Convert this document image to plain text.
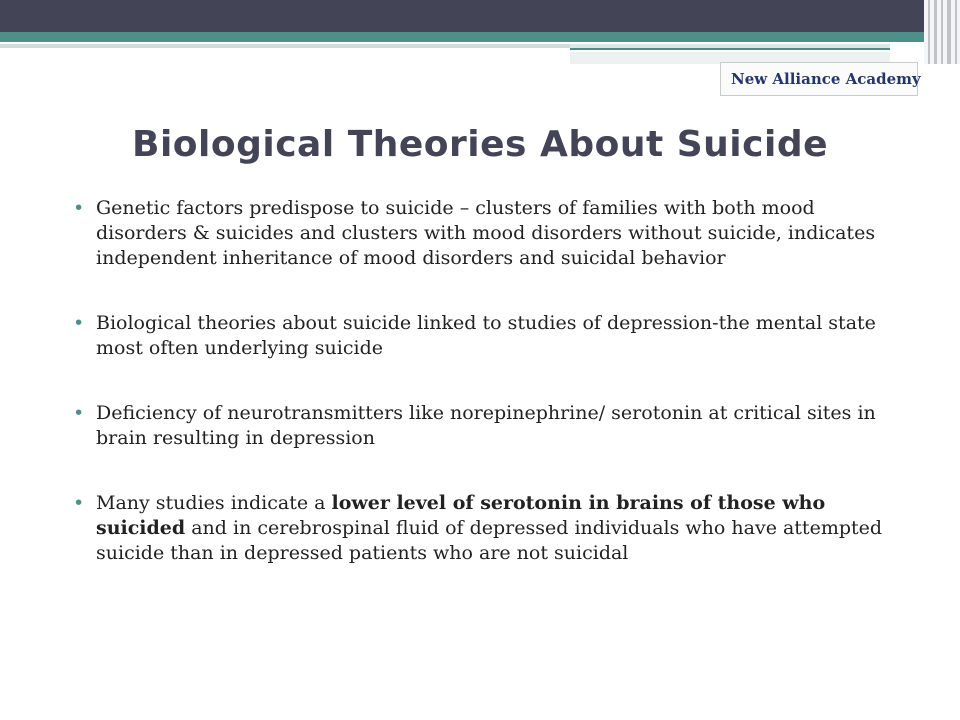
New Alliance Academy
Biological Theories About Suicide
• Genetic factors predispose to suicide – clusters of families with both mood disorders & suicides and clusters with mood disorders without suicide, indicates independent inheritance of mood disorders and suicidal behavior
• Biological theories about suicide linked to studies of depression-the mental state most often underlying suicide
• Deficiency of neurotransmitters like norepinephrine/ serotonin at critical sites in brain resulting in depression
• Many studies indicate a lower level of serotonin in brains of those who suicided and in cerebrospinal fluid of depressed individuals who have attempted suicide than in depressed patients who are not suicidal
